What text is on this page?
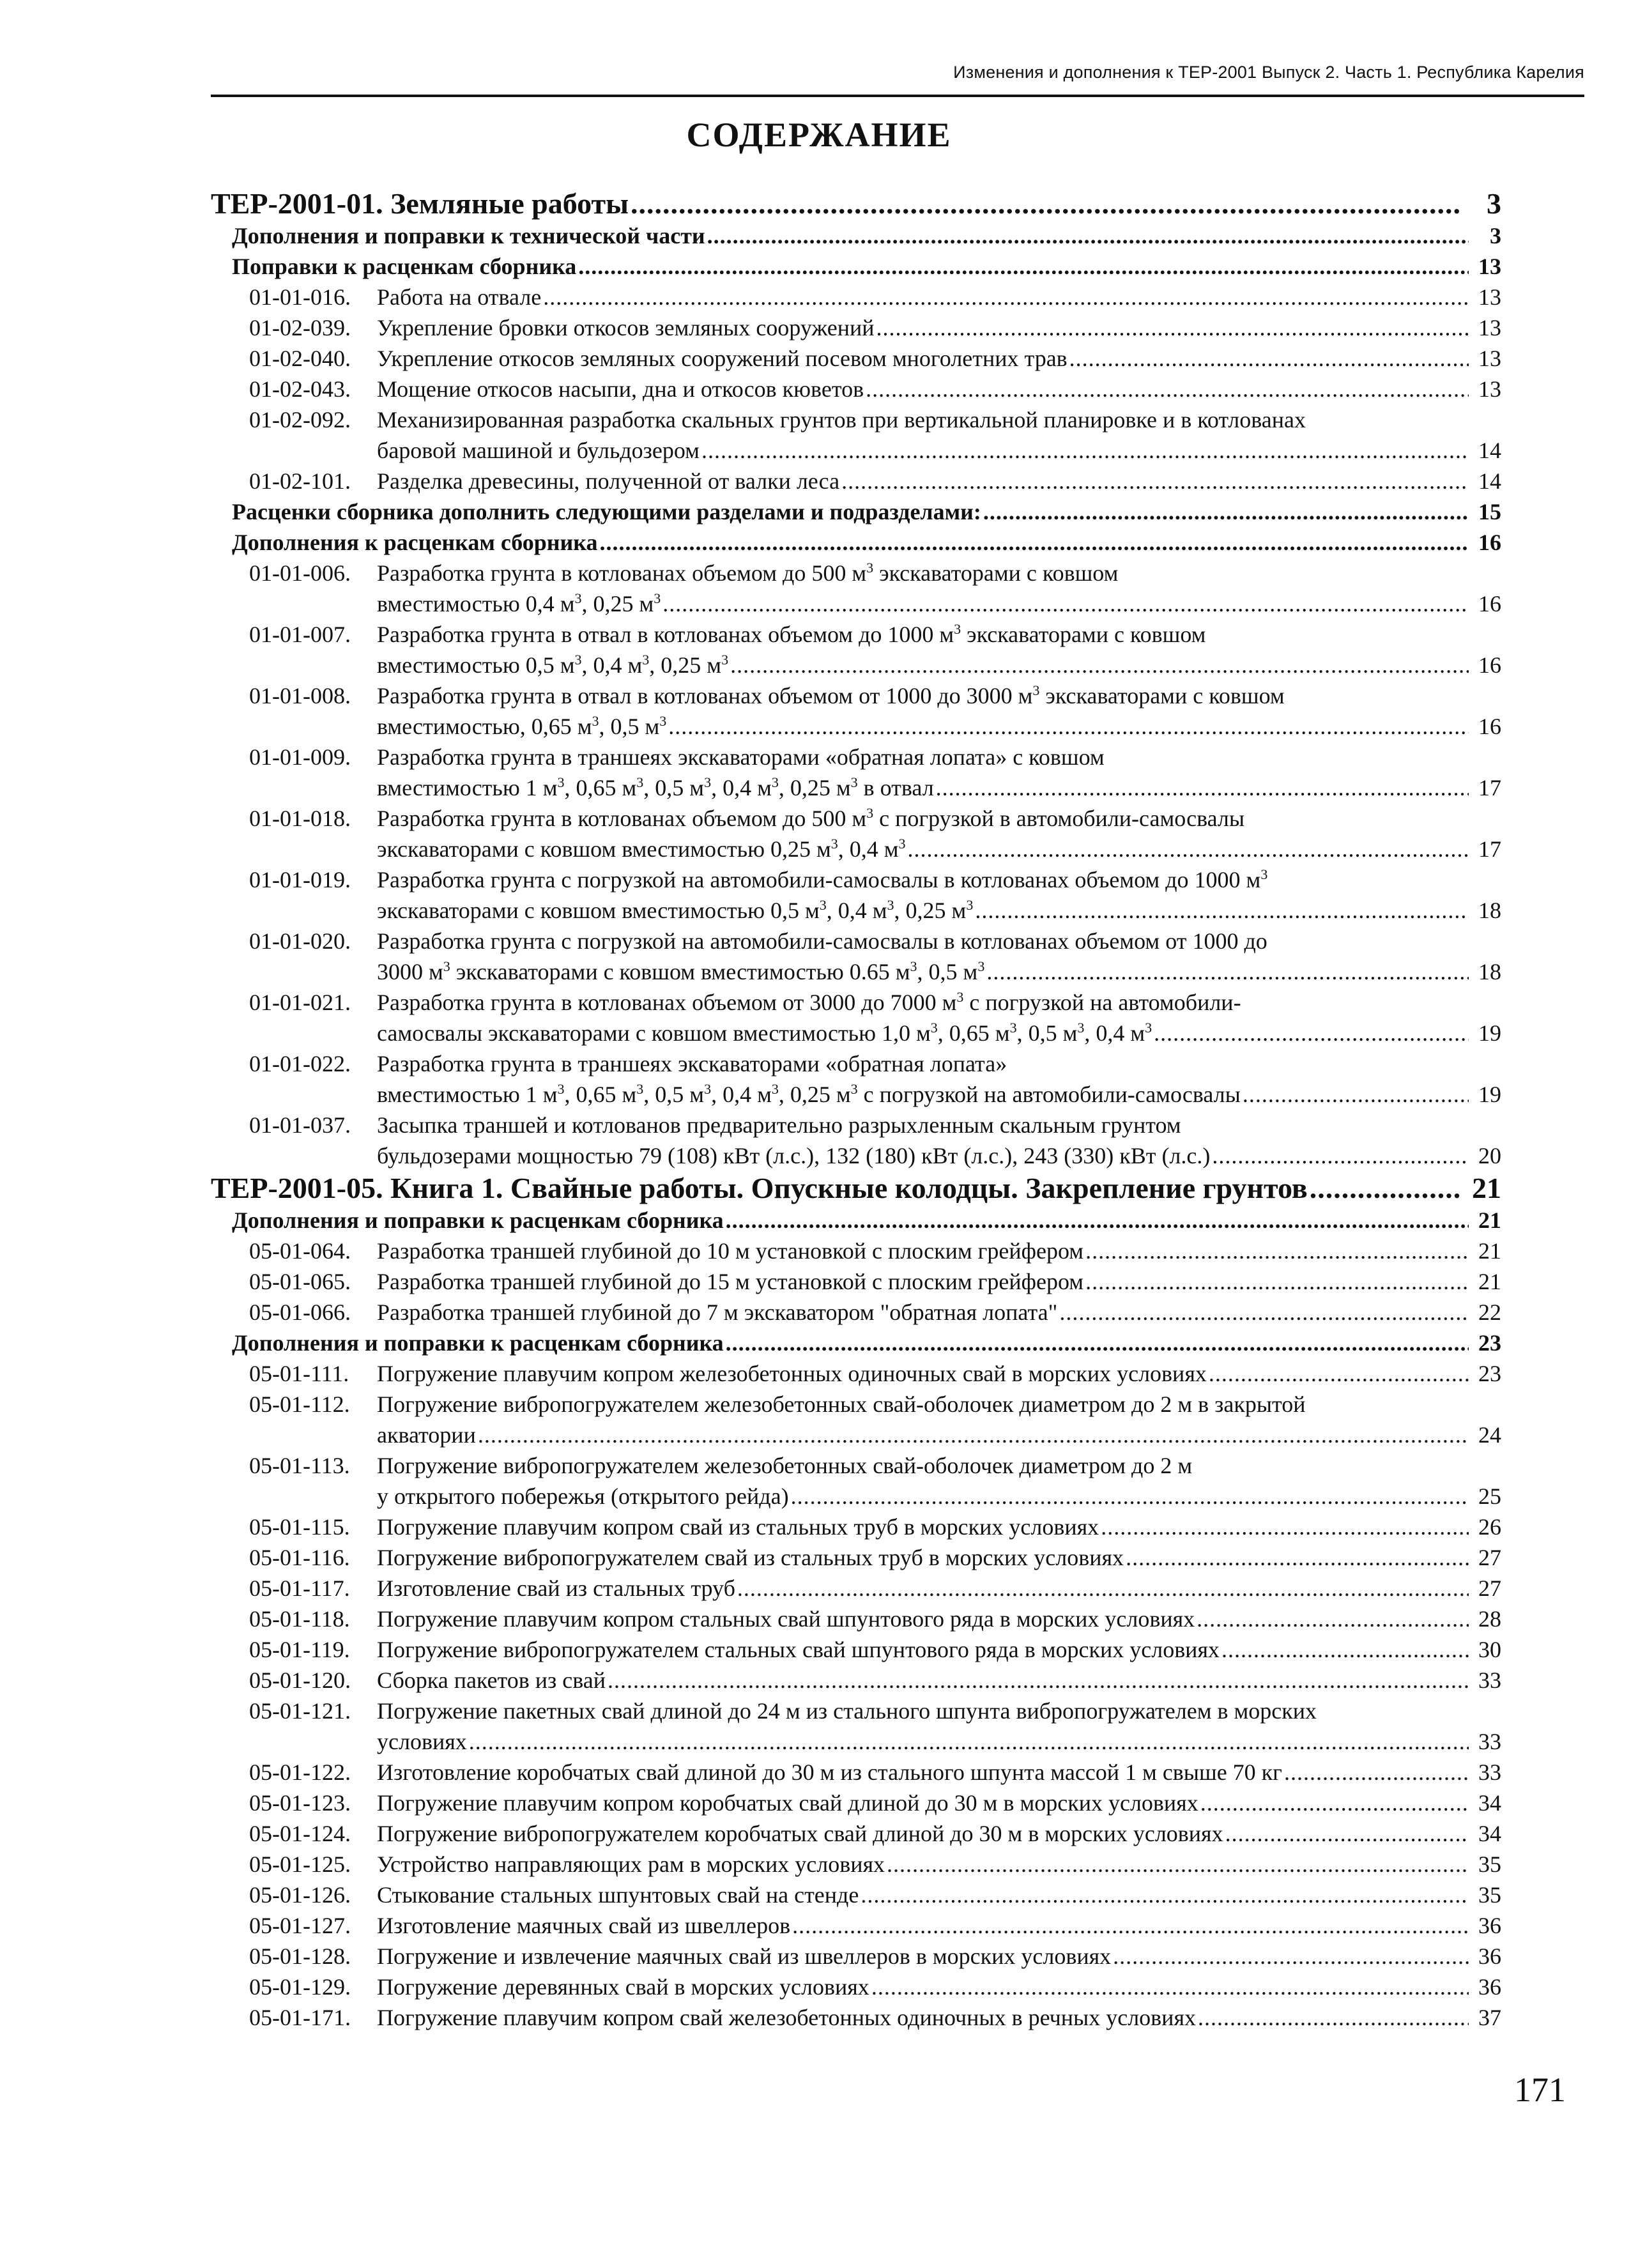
Изменения и дополнения к ТЕР-2001 Выпуск 2. Часть 1. Республика Карелия
СОДЕРЖАНИЕ
ТЕР-2001-01. Земляные работы .....	3
Дополнения и поправки к технической части .....	3
Поправки к расценкам сборника .....	13
01-01-016.	Работа на отвале .....	13
01-02-039.	Укрепление бровки откосов земляных сооружений .....	13
01-02-040.	Укрепление откосов земляных сооружений посевом многолетних трав .....	13
01-02-043.	Мощение откосов насыпи, дна и откосов кюветов .....	13
01-02-092.	Механизированная разработка скальных грунтов при вертикальной планировке и в котлованах
баровой машиной и бульдозером .....	14
01-02-101.	Разделка древесины, полученной от валки леса .....	14
Расценки сборника дополнить следующими разделами и подразделами: .....	15
Дополнения к расценкам сборника .....	16
01-01-006.	Разработка грунта в котлованах объемом до 500 $м^3$ экскаваторами с ковшом
вместимостью 0,4 $м^3$, 0,25 $м^3$ .....	16
01-01-007.	Разработка грунта в отвал в котлованах объемом до 1000 $м^3$ экскаваторами с ковшом
вместимостью 0,5 $м^3$, 0,4 $м^3$, 0,25 $м^3$ .....	16
01-01-008.	Разработка грунта в отвал в котлованах объемом от 1000 до 3000 $м^3$ экскаваторами с ковшом
вместимостью, 0,65 $м^3$, 0,5 $м^3$ .....	16
01-01-009.	Разработка грунта в траншеях экскаваторами «обратная лопата» с ковшом
вместимостью 1 $м^3$, 0,65 $м^3$, 0,5 $м^3$, 0,4 $м^3$, 0,25 $м^3$ в отвал .....	17
01-01-018.	Разработка грунта в котлованах объемом до 500 $м^3$ с погрузкой в автомобили-самосвалы
экскаваторами с ковшом вместимостью 0,25 $м^3$, 0,4 $м^3$ .....	17
01-01-019.	Разработка грунта с погрузкой на автомобили-самосвалы в котлованах объемом до 1000 $м^3$
экскаваторами с ковшом вместимостью 0,5 $м^3$, 0,4 $м^3$, 0,25 $м^3$ .....	18
01-01-020.	Разработка грунта с погрузкой на автомобили-самосвалы в котлованах объемом от 1000 до
3000 $м^3$ экскаваторами с ковшом вместимостью 0.65 $м^3$, 0,5 $м^3$ .....	18
01-01-021.	Разработка грунта в котлованах объемом от 3000 до 7000 $м^3$ с погрузкой на автомобили-
самосвалы экскаваторами с ковшом вместимостью 1,0 $м^3$, 0,65 $м^3$, 0,5 $м^3$, 0,4 $м^3$ .....	19
01-01-022.	Разработка грунта в траншеях экскаваторами «обратная лопата»
вместимостью 1 $м^3$, 0,65 $м^3$, 0,5 $м^3$, 0,4 $м^3$, 0,25 $м^3$ с погрузкой на автомобили-самосвалы .....	19
01-01-037.	Засыпка траншей и котлованов предварительно разрыхленным скальным грунтом
бульдозерами мощностью 79 (108) кВт (л.с.), 132 (180) кВт (л.с.), 243 (330) кВт (л.с.) .....	20
ТЕР-2001-05. Книга 1. Свайные работы. Опускные колодцы. Закрепление грунтов .....	21
Дополнения и поправки к расценкам сборника .....	21
05-01-064.	Разработка траншей глубиной до 10 м установкой с плоским грейфером .....	21
05-01-065.	Разработка траншей глубиной до 15 м установкой с плоским грейфером .....	21
05-01-066.	Разработка траншей глубиной до 7 м экскаватором "обратная лопата" .....	22
Дополнения и поправки к расценкам сборника .....	23
05-01-111.	Погружение плавучим копром железобетонных одиночных свай в морских условиях .....	23
05-01-112.	Погружение вибропогружателем железобетонных свай-оболочек диаметром до 2 м в закрытой
акватории .....	24
05-01-113.	Погружение вибропогружателем железобетонных свай-оболочек диаметром до 2 м
у открытого побережья (открытого рейда) .....	25
05-01-115.	Погружение плавучим копром свай из стальных труб в морских условиях .....	26
05-01-116.	Погружение вибропогружателем свай из стальных труб в морских условиях .....	27
05-01-117.	Изготовление свай из стальных труб .....	27
05-01-118.	Погружение плавучим копром стальных свай шпунтового ряда в морских условиях .....	28
05-01-119.	Погружение вибропогружателем стальных свай шпунтового ряда в морских условиях .....	30
05-01-120.	Сборка пакетов из свай .....	33
05-01-121.	Погружение пакетных свай длиной до 24 м из стального шпунта вибропогружателем в морских
условиях .....	33
05-01-122.	Изготовление коробчатых свай длиной до 30 м из стального шпунта массой 1 м свыше 70 кг .....	33
05-01-123.	Погружение плавучим копром коробчатых свай длиной до 30 м в морских условиях .....	34
05-01-124.	Погружение вибропогружателем коробчатых свай длиной до 30 м в морских условиях .....	34
05-01-125.	Устройство направляющих рам в морских условиях .....	35
05-01-126.	Стыкование стальных шпунтовых свай на стенде .....	35
05-01-127.	Изготовление маячных свай из швеллеров .....	36
05-01-128.	Погружение и извлечение маячных свай из швеллеров в морских условиях .....	36
05-01-129.	Погружение деревянных свай в морских условиях .....	36
05-01-171.	Погружение плавучим копром свай железобетонных одиночных в речных условиях .....	37
171
